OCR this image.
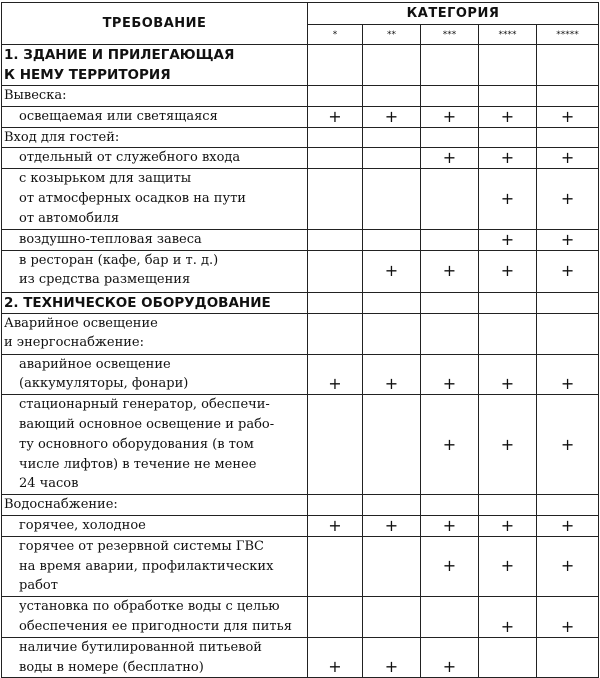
ТРЕБОВАНИЕ	КАТЕГОРИЯ				
	*	**	***	****	*****
1. ЗДАНИЕ И ПРИЛЕГАЮЩАЯ
К НЕМУ ТЕРРИТОРИЯ					
Вывеска:					
освещаемая или светящаяся	+	+	+	+	+
Вход для гостей:					
отдельный от служебного входа			+	+	+
с козырьком для защиты
от атмосферных осадков на пути
от автомобиля				+	+
воздушно-тепловая завеса				+	+
в ресторан (кафе, бар и т. д.)
из средства размещения		+	+	+	+
2. ТЕХНИЧЕСКОЕ ОБОРУДОВАНИЕ					
Аварийное освещение
и энергоснабжение:					
аварийное освещение
(аккумуляторы, фонари)	+	+	+	+	+
стационарный генератор, обеспечи-
вающий основное освещение и рабо-
ту основного оборудования (в том
числе лифтов) в течение не менее
24 часов			+	+	+
Водоснабжение:					
горячее, холодное	+	+	+	+	+
горячее от резервной системы ГВС
на время аварии, профилактических
работ			+	+	+
установка по обработке воды с целью
обеспечения ее пригодности для питья				+	+
наличие бутилированной питьевой
воды в номере (бесплатно)	+	+	+		
